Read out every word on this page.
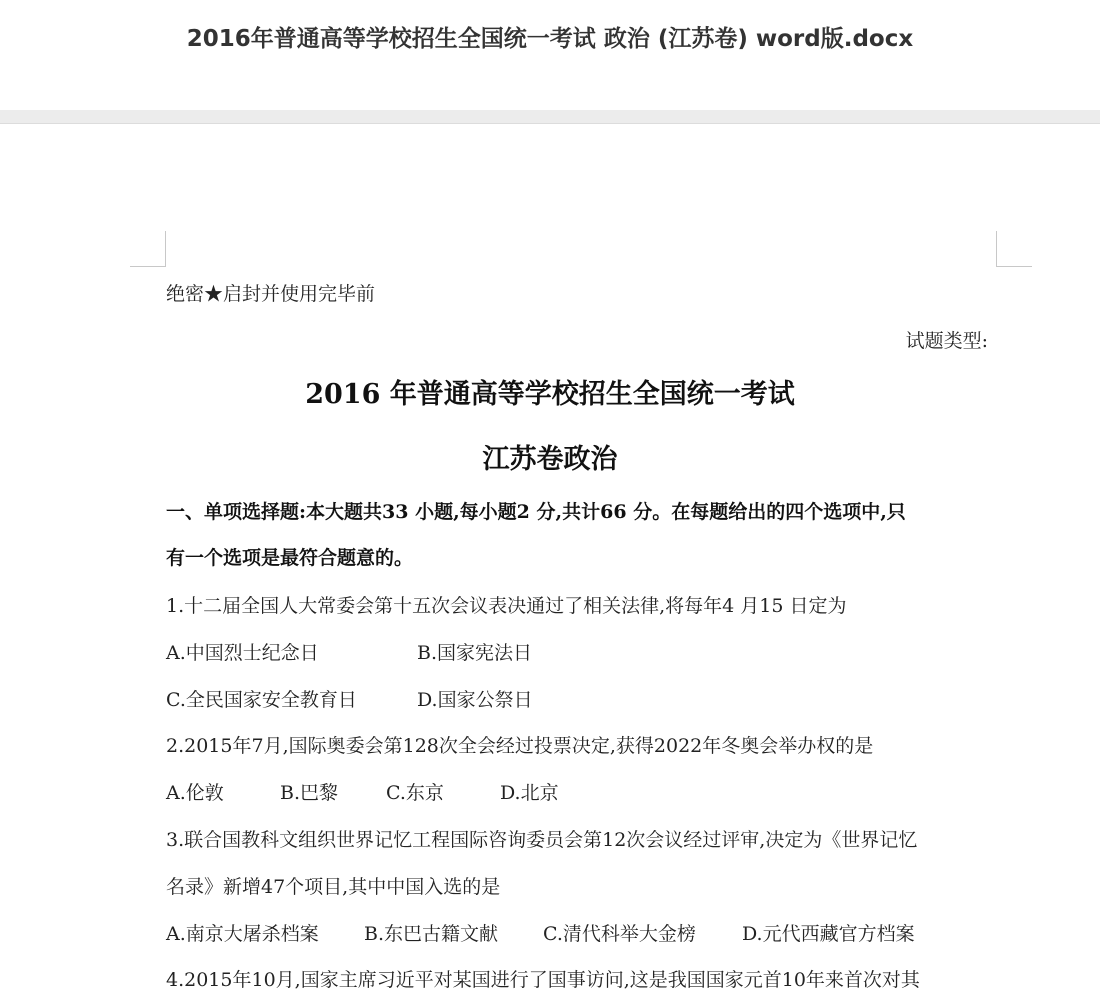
2016年普通高等学校招生全国统一考试 政治 (江苏卷) word版.docx
绝密★启封并使用完毕前
试题类型:
2016 年普通高等学校招生全国统一考试
江苏卷政治
一、单项选择题:本大题共33 小题,每小题2 分,共计66 分。在每题给出的四个选项中,只
有一个选项是最符合题意的。
1.十二届全国人大常委会第十五次会议表决通过了相关法律,将每年4 月15 日定为
A.中国烈士纪念日	B.国家宪法日
C.全民国家安全教育日	D.国家公祭日
2.2015年7月,国际奥委会第128次全会经过投票决定,获得2022年冬奥会举办权的是
A.伦敦	B.巴黎	C.东京	D.北京
3.联合国教科文组织世界记忆工程国际咨询委员会第12次会议经过评审,决定为《世界记忆
名录》新增47个项目,其中中国入选的是
A.南京大屠杀档案 B.东巴古籍文献 C.清代科举大金榜 D.元代西藏官方档案
4.2015年10月,国家主席习近平对某国进行了国事访问,这是我国国家元首10年来首次对其
